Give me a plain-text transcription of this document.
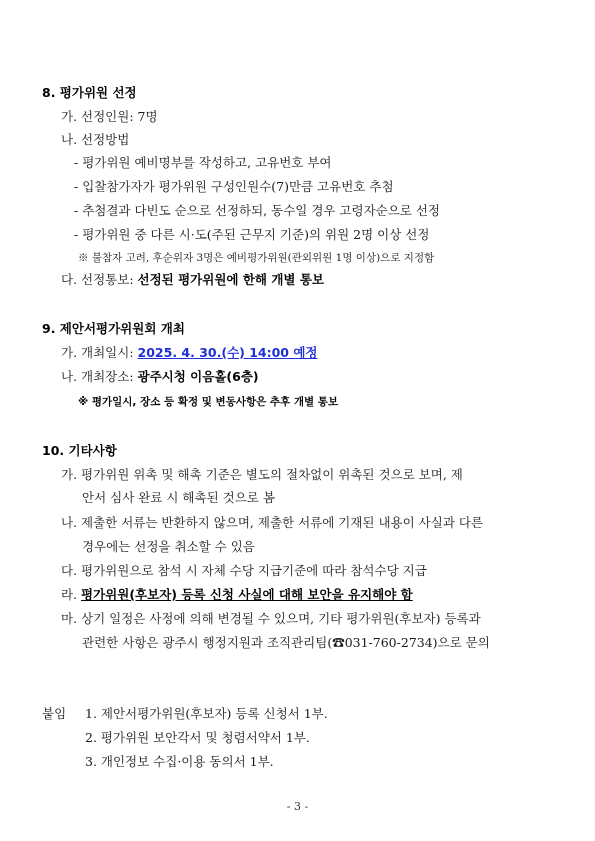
8. 평가위원 선정
가. 선정인원: 7명
나. 선정방법
- 평가위원 예비명부를 작성하고, 고유번호 부여
- 입찰참가자가 평가위원 구성인원수(7)만큼 고유번호 추첨
- 추첨결과 다빈도 순으로 선정하되, 동수일 경우 고령자순으로 선정
- 평가위원 중 다른 시·도(주된 근무지 기준)의 위원 2명 이상 선정
※ 불참자 고려, 후순위자 3명은 예비평가위원(관외위원 1명 이상)으로 지정함
다. 선정통보: 선정된 평가위원에 한해 개별 통보
9. 제안서평가위원회 개최
가. 개최일시: 2025. 4. 30.(수) 14:00 예정
나. 개최장소: 광주시청 이음홀(6층)
※ 평가일시, 장소 등 확정 및 변동사항은 추후 개별 통보
10. 기타사항
가. 평가위원 위촉 및 해촉 기준은 별도의 절차없이 위촉된 것으로 보며, 제
안서 심사 완료 시 해촉된 것으로 봄
나. 제출한 서류는 반환하지 않으며, 제출한 서류에 기재된 내용이 사실과 다른
경우에는 선정을 취소할 수 있음
다. 평가위원으로 참석 시 자체 수당 지급기준에 따라 참석수당 지급
라. 평가위원(후보자) 등록 신청 사실에 대해 보안을 유지해야 함
마. 상기 일정은 사정에 의해 변경될 수 있으며, 기타 평가위원(후보자) 등록과
관련한 사항은 광주시 행정지원과 조직관리팀(☎031-760-2734)으로 문의
붙임 1. 제안서평가위원(후보자) 등록 신청서 1부.
2. 평가위원 보안각서 및 청렴서약서 1부.
3. 개인정보 수집·이용 동의서 1부.
- 3 -
